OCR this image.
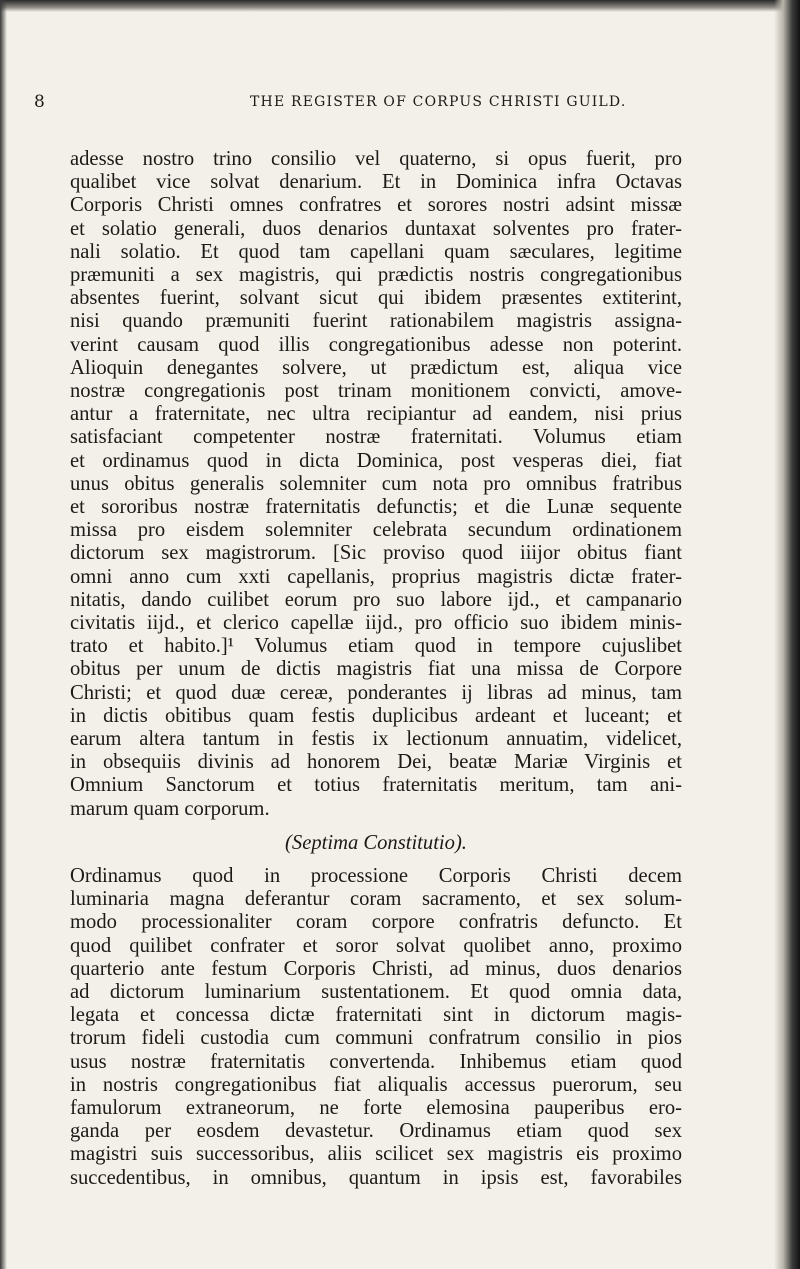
8	THE REGISTER OF CORPUS CHRISTI GUILD.
adesse nostro trino consilio vel quaterno, si opus fuerit, pro
qualibet vice solvat denarium. Et in Dominica infra Octavas
Corporis Christi omnes confratres et sorores nostri adsint missæ
et solatio generali, duos denarios duntaxat solventes pro frater-
nali solatio. Et quod tam capellani quam sæculares, legitime
præmuniti a sex magistris, qui prædictis nostris congregationibus
absentes fuerint, solvant sicut qui ibidem præsentes extiterint,
nisi quando præmuniti fuerint rationabilem magistris assigna-
verint causam quod illis congregationibus adesse non poterint.
Alioquin denegantes solvere, ut prædictum est, aliqua vice
nostræ congregationis post trinam monitionem convicti, amove-
antur a fraternitate, nec ultra recipiantur ad eandem, nisi prius
satisfaciant competenter nostræ fraternitati. Volumus etiam
et ordinamus quod in dicta Dominica, post vesperas diei, fiat
unus obitus generalis solemniter cum nota pro omnibus fratribus
et sororibus nostræ fraternitatis defunctis; et die Lunæ sequente
missa pro eisdem solemniter celebrata secundum ordinationem
dictorum sex magistrorum. [Sic proviso quod iiijor obitus fiant
omni anno cum xxti capellanis, proprius magistris dictæ frater-
nitatis, dando cuilibet eorum pro suo labore ijd., et campanario
civitatis iijd., et clerico capellæ iijd., pro officio suo ibidem minis-
trato et habito.]¹ Volumus etiam quod in tempore cujuslibet
obitus per unum de dictis magistris fiat una missa de Corpore
Christi; et quod duæ cereæ, ponderantes ij libras ad minus, tam
in dictis obitibus quam festis duplicibus ardeant et luceant; et
earum altera tantum in festis ix lectionum annuatim, videlicet,
in obsequiis divinis ad honorem Dei, beatæ Mariæ Virginis et
Omnium Sanctorum et totius fraternitatis meritum, tam ani-
marum quam corporum.
(Septima Constitutio).
Ordinamus quod in processione Corporis Christi decem
luminaria magna deferantur coram sacramento, et sex solum-
modo processionaliter coram corpore confratris defuncto. Et
quod quilibet confrater et soror solvat quolibet anno, proximo
quarterio ante festum Corporis Christi, ad minus, duos denarios
ad dictorum luminarium sustentationem. Et quod omnia data,
legata et concessa dictæ fraternitati sint in dictorum magis-
trorum fideli custodia cum communi confratrum consilio in pios
usus nostræ fraternitatis convertenda. Inhibemus etiam quod
in nostris congregationibus fiat aliqualis accessus puerorum, seu
famulorum extraneorum, ne forte elemosina pauperibus ero-
ganda per eosdem devastetur. Ordinamus etiam quod sex
magistri suis successoribus, aliis scilicet sex magistris eis proximo
succedentibus, in omnibus, quantum in ipsis est, favorabiles
